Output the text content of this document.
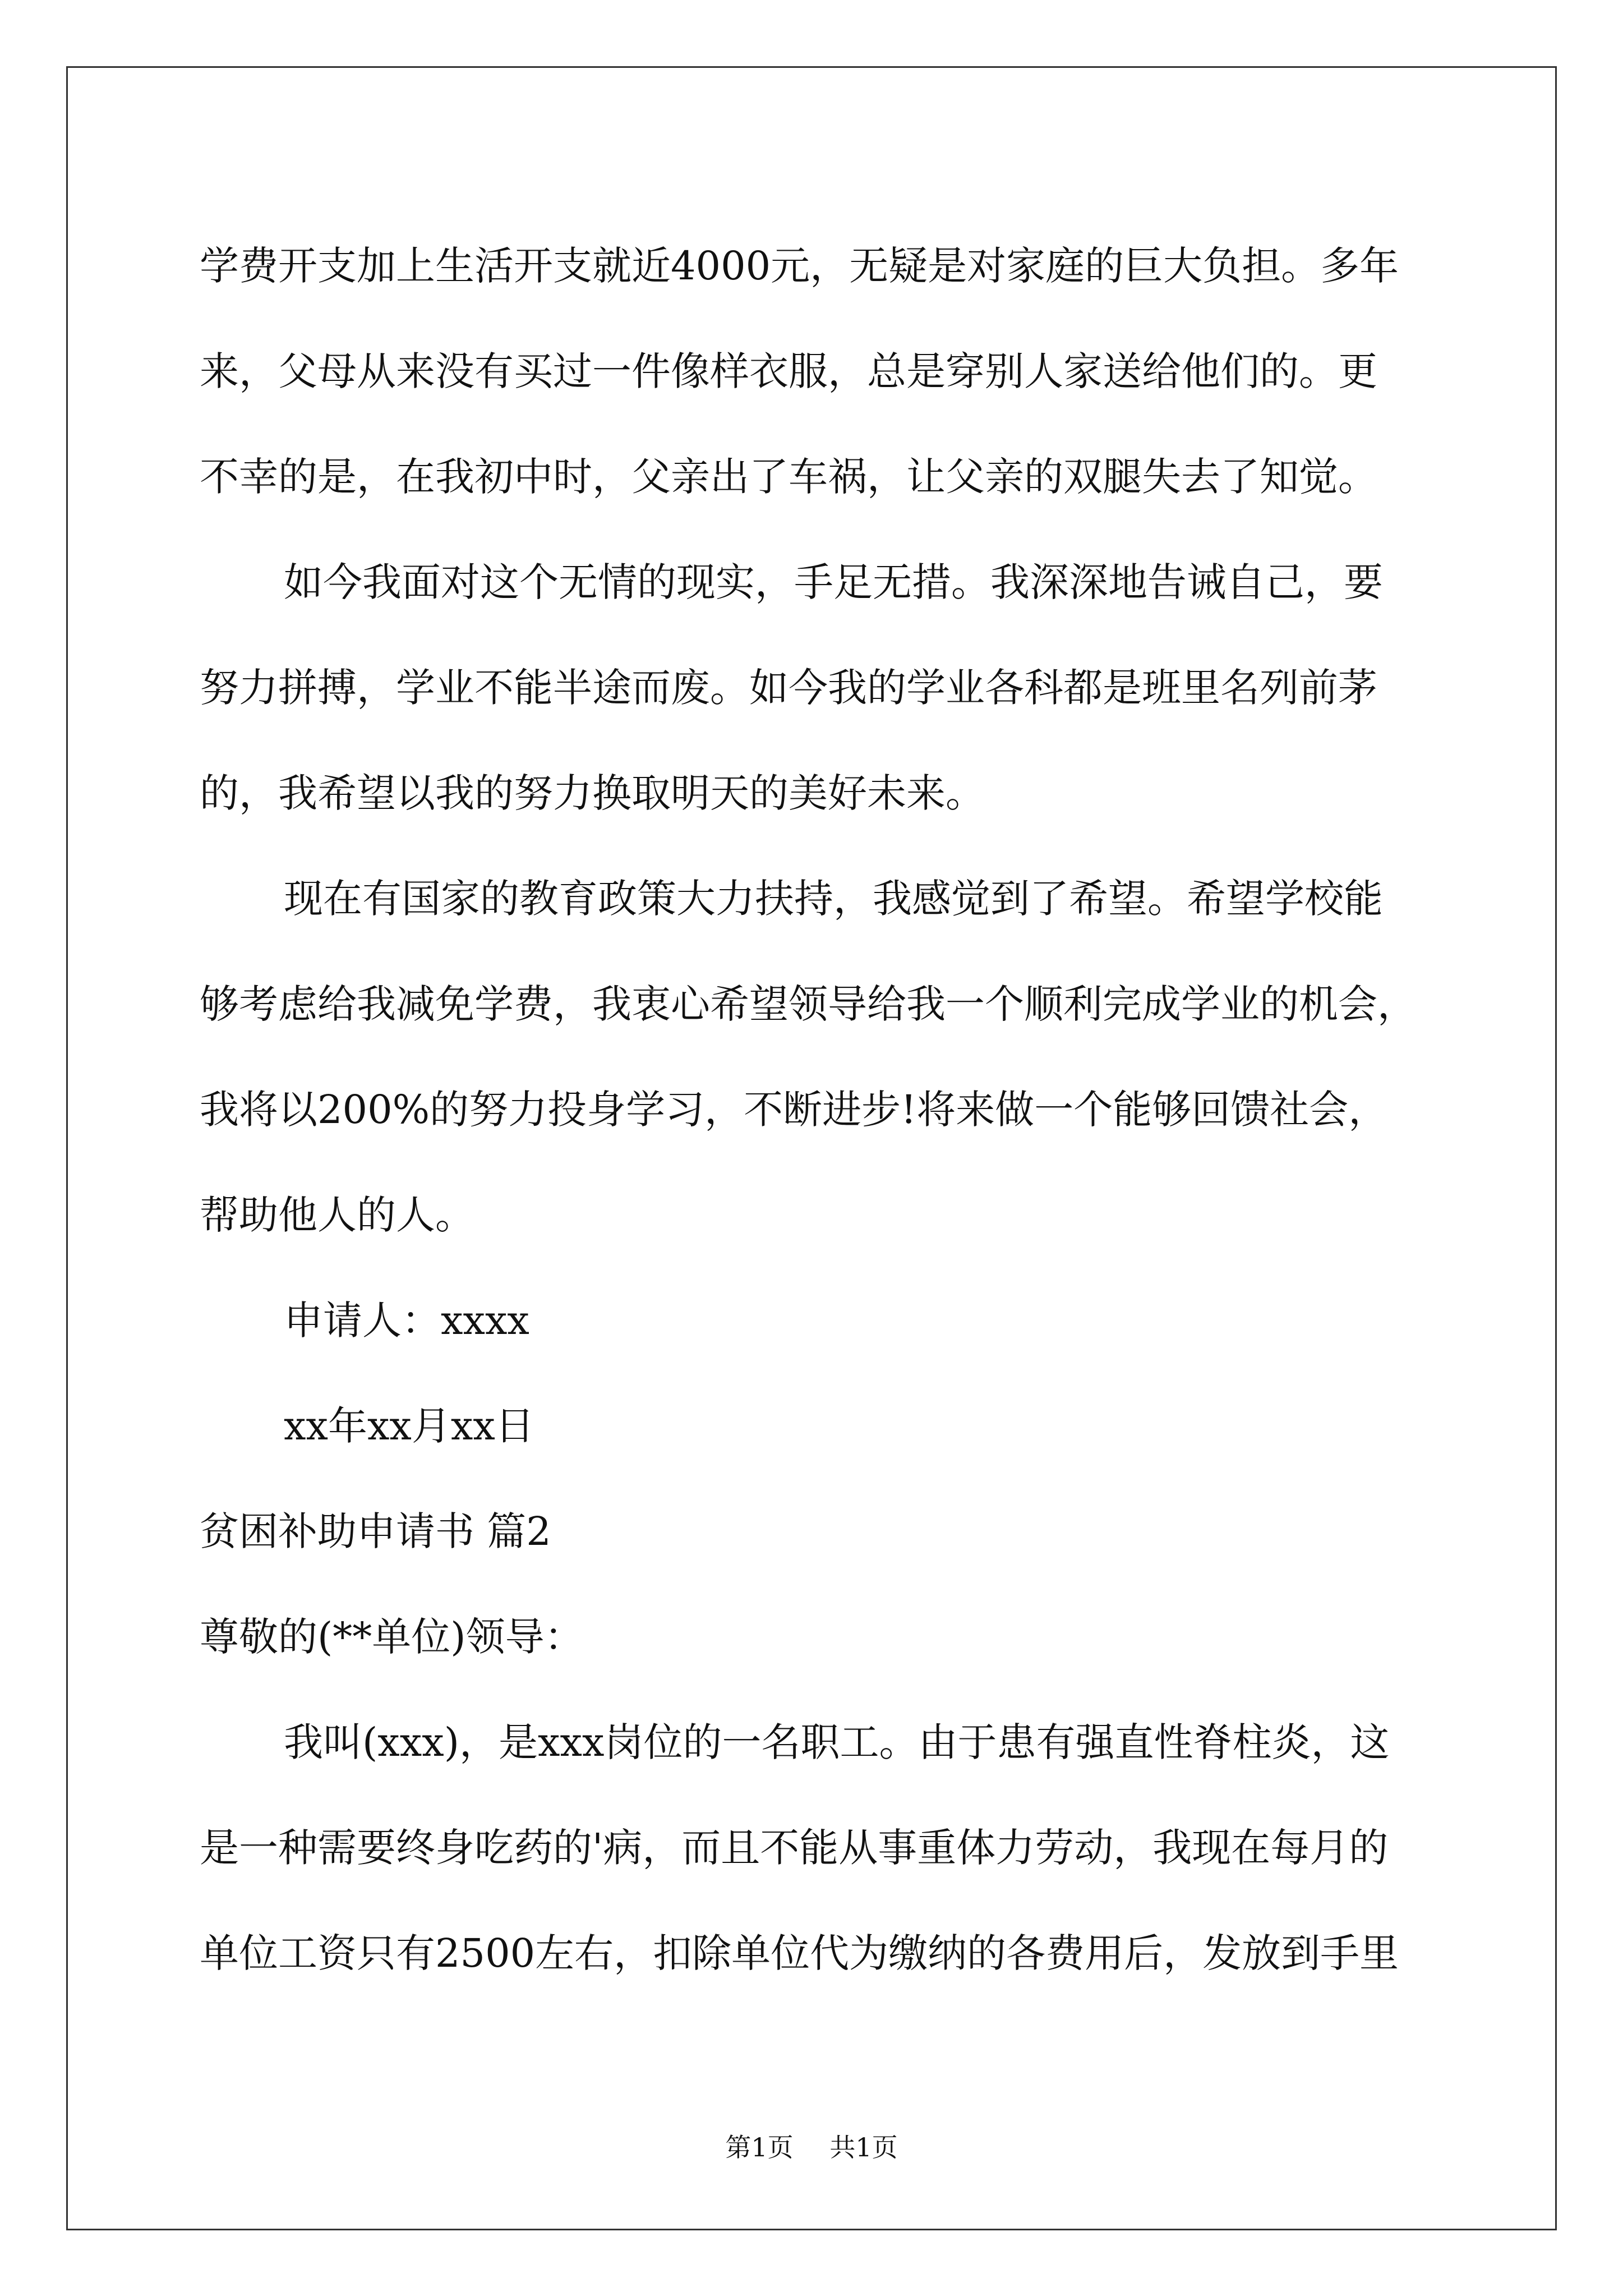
学费开支加上生活开支就近4000元，无疑是对家庭的巨大负担。多年

来，父母从来没有买过一件像样衣服，总是穿别人家送给他们的。更

不幸的是，在我初中时，父亲出了车祸，让父亲的双腿失去了知觉。

如今我面对这个无情的现实，手足无措。我深深地告诫自己，要

努力拼搏，学业不能半途而废。如今我的学业各科都是班里名列前茅

的，我希望以我的努力换取明天的美好未来。

现在有国家的教育政策大力扶持，我感觉到了希望。希望学校能

够考虑给我减免学费，我衷心希望领导给我一个顺利完成学业的机会，

我将以200%的努力投身学习，不断进步!将来做一个能够回馈社会，

帮助他人的人。

申请人：xxxx

xx年xx月xx日

贫困补助申请书 篇2

尊敬的(**单位)领导：

我叫(xxx)，是xxx岗位的一名职工。由于患有强直性脊柱炎，这

是一种需要终身吃药的'病，而且不能从事重体力劳动，我现在每月的

单位工资只有2500左右，扣除单位代为缴纳的各费用后，发放到手里

第1页 共1页
